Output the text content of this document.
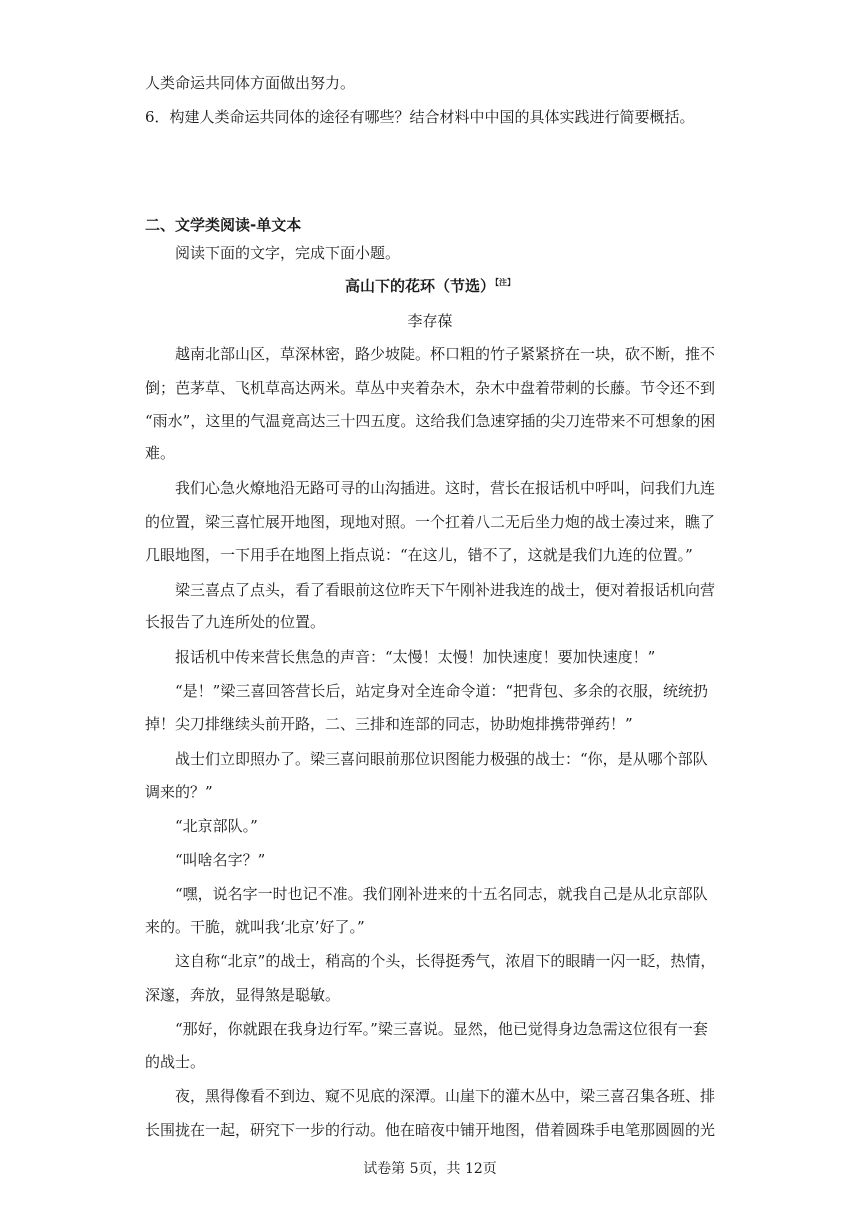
人类命运共同体方面做出努力。
6．构建人类命运共同体的途径有哪些？结合材料中中国的具体实践进行简要概括。
二、文学类阅读-单文本
阅读下面的文字，完成下面小题。
高山下的花环（节选）$^{【注】}$
李存葆
越南北部山区，草深林密，路少坡陡。杯口粗的竹子紧紧挤在一块，砍不断，推不
倒；芭茅草、飞机草高达两米。草丛中夹着杂木，杂木中盘着带刺的长藤。节令还不到
“雨水”，这里的气温竟高达三十四五度。这给我们急速穿插的尖刀连带来不可想象的困
难。
我们心急火燎地沿无路可寻的山沟插进。这时，营长在报话机中呼叫，问我们九连
的位置，梁三喜忙展开地图，现地对照。一个扛着八二无后坐力炮的战士凑过来，瞧了
几眼地图，一下用手在地图上指点说：“在这儿，错不了，这就是我们九连的位置。”
梁三喜点了点头，看了看眼前这位昨天下午刚补进我连的战士，便对着报话机向营
长报告了九连所处的位置。
报话机中传来营长焦急的声音：“太慢！太慢！加快速度！要加快速度！”
“是！”梁三喜回答营长后，站定身对全连命令道：“把背包、多余的衣服，统统扔
掉！尖刀排继续头前开路，二、三排和连部的同志，协助炮排携带弹药！”
战士们立即照办了。梁三喜问眼前那位识图能力极强的战士：“你，是从哪个部队
调来的？”
“北京部队。”
“叫啥名字？”
“嘿，说名字一时也记不准。我们刚补进来的十五名同志，就我自己是从北京部队
来的。干脆，就叫我‘北京’好了。”
这自称“北京”的战士，稍高的个头，长得挺秀气，浓眉下的眼睛一闪一眨，热情，
深邃，奔放，显得煞是聪敏。
“那好，你就跟在我身边行军。”梁三喜说。显然，他已觉得身边急需这位很有一套
的战士。
夜，黑得像看不到边、窥不见底的深潭。山崖下的灌木丛中，梁三喜召集各班、排
长围拢在一起，研究下一步的行动。他在暗夜中铺开地图，借着圆珠手电笔那圆圆的光
试卷第 5页，共 12页
